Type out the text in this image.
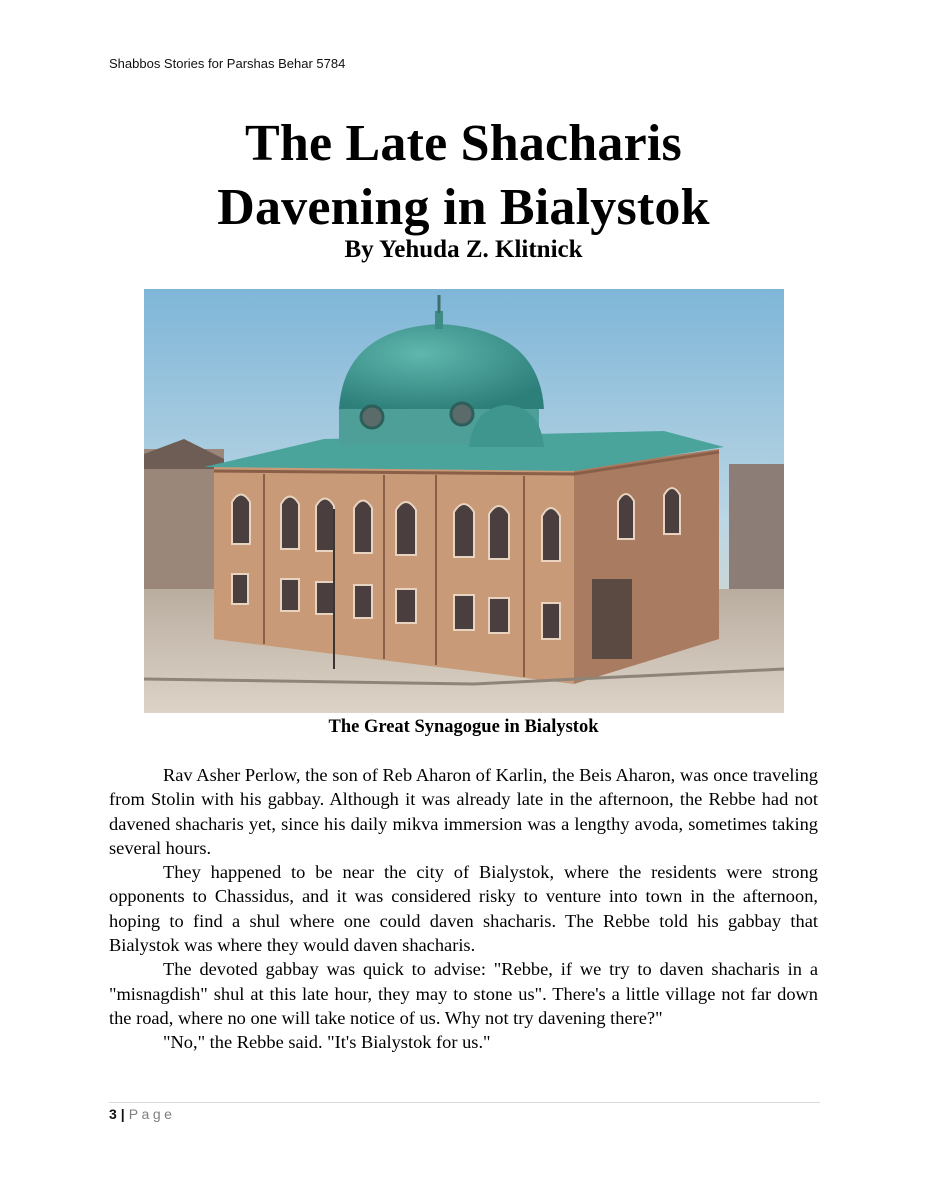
Shabbos Stories for Parshas Behar 5784
The Late Shacharis
Davening in Bialystok
By Yehuda Z. Klitnick
The Great Synagogue in Bialystok

Rav Asher Perlow, the son of Reb Aharon of Karlin, the Beis Aharon, was once traveling from Stolin with his gabbay. Although it was already late in the afternoon, the Rebbe had not davened shacharis yet, since his daily mikva immersion was a lengthy avoda, sometimes taking several hours.

They happened to be near the city of Bialystok, where the residents were strong opponents to Chassidus, and it was considered risky to venture into town in the afternoon, hoping to find a shul where one could daven shacharis. The Rebbe told his gabbay that Bialystok was where they would daven shacharis.

The devoted gabbay was quick to advise: "Rebbe, if we try to daven shacharis in a "misnagdish" shul at this late hour, they may to stone us". There's a little village not far down the road, where no one will take notice of us. Why not try davening there?"

"No," the Rebbe said. "It's Bialystok for us."

3 | Page
